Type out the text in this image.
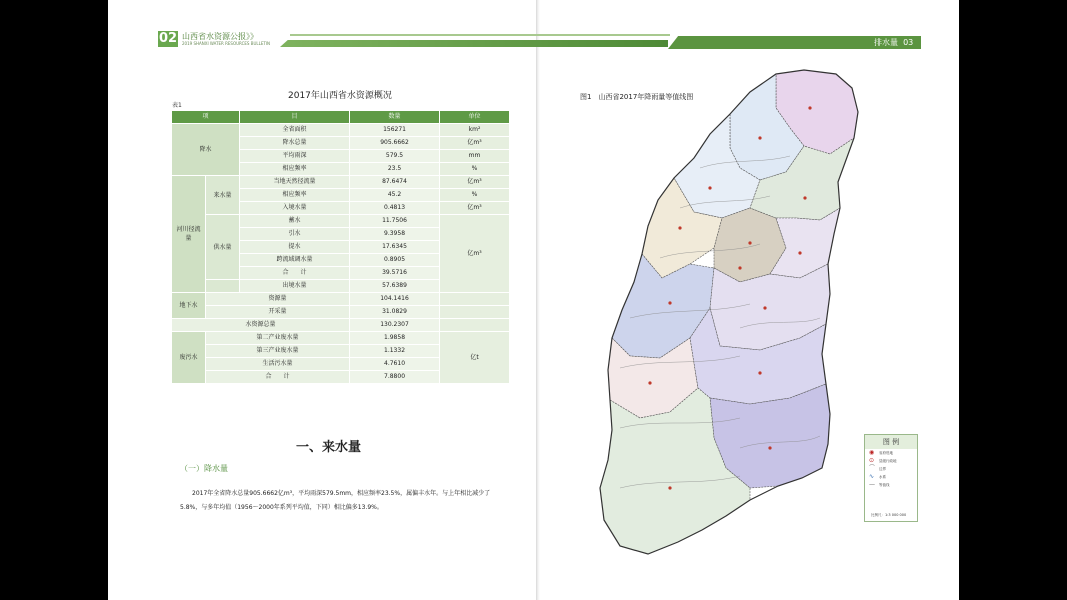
02 山西省水资源公报》》
2019 SHANXI WATER RESOURCES BULLETIN	排水量 03
2017年山西省水资源概况
表1
项		目	数量	单位
降水		全省面积	156271	km²
		降水总量	905.6662	亿m³
		平均雨深	579.5	mm
		相应频率	23.5	%
河川径流量	来水量	当地天然径流量	87.6474	亿m³
		相应频率	45.2	%
		入境水量	0.4813	亿m³
	供水量	蓄水	11.7506	亿m³
		引水	9.3958	
		提水	17.6345	
		跨流域调水量	0.8905	
		合　　计	39.5716	
		出境水量	57.6389	
地下水	资源量		104.1416	
	开采量		31.0829	
水资源总量			130.2307	
废污水	第二产业废水量		1.9858	亿t
	第三产业废水量		1.1332	
	生活污水量		4.7610	
	合　　计		7.8800	
一、来水量
（一）降水量
2017年全省降水总量905.6662亿m³，平均雨深579.5mm，相应频率23.5%，属偏丰水年。与上年相比减少了5.8%，与多年均值（1956～2000年系列平均值，下同）相比偏多13.9%。
图1　山西省2017年降雨量等值线图
图 例
◉	省府驻地
⊙	县级行政地
⌒	边界
∿	水系
—	等值线
比例尺：1:3 000 000
